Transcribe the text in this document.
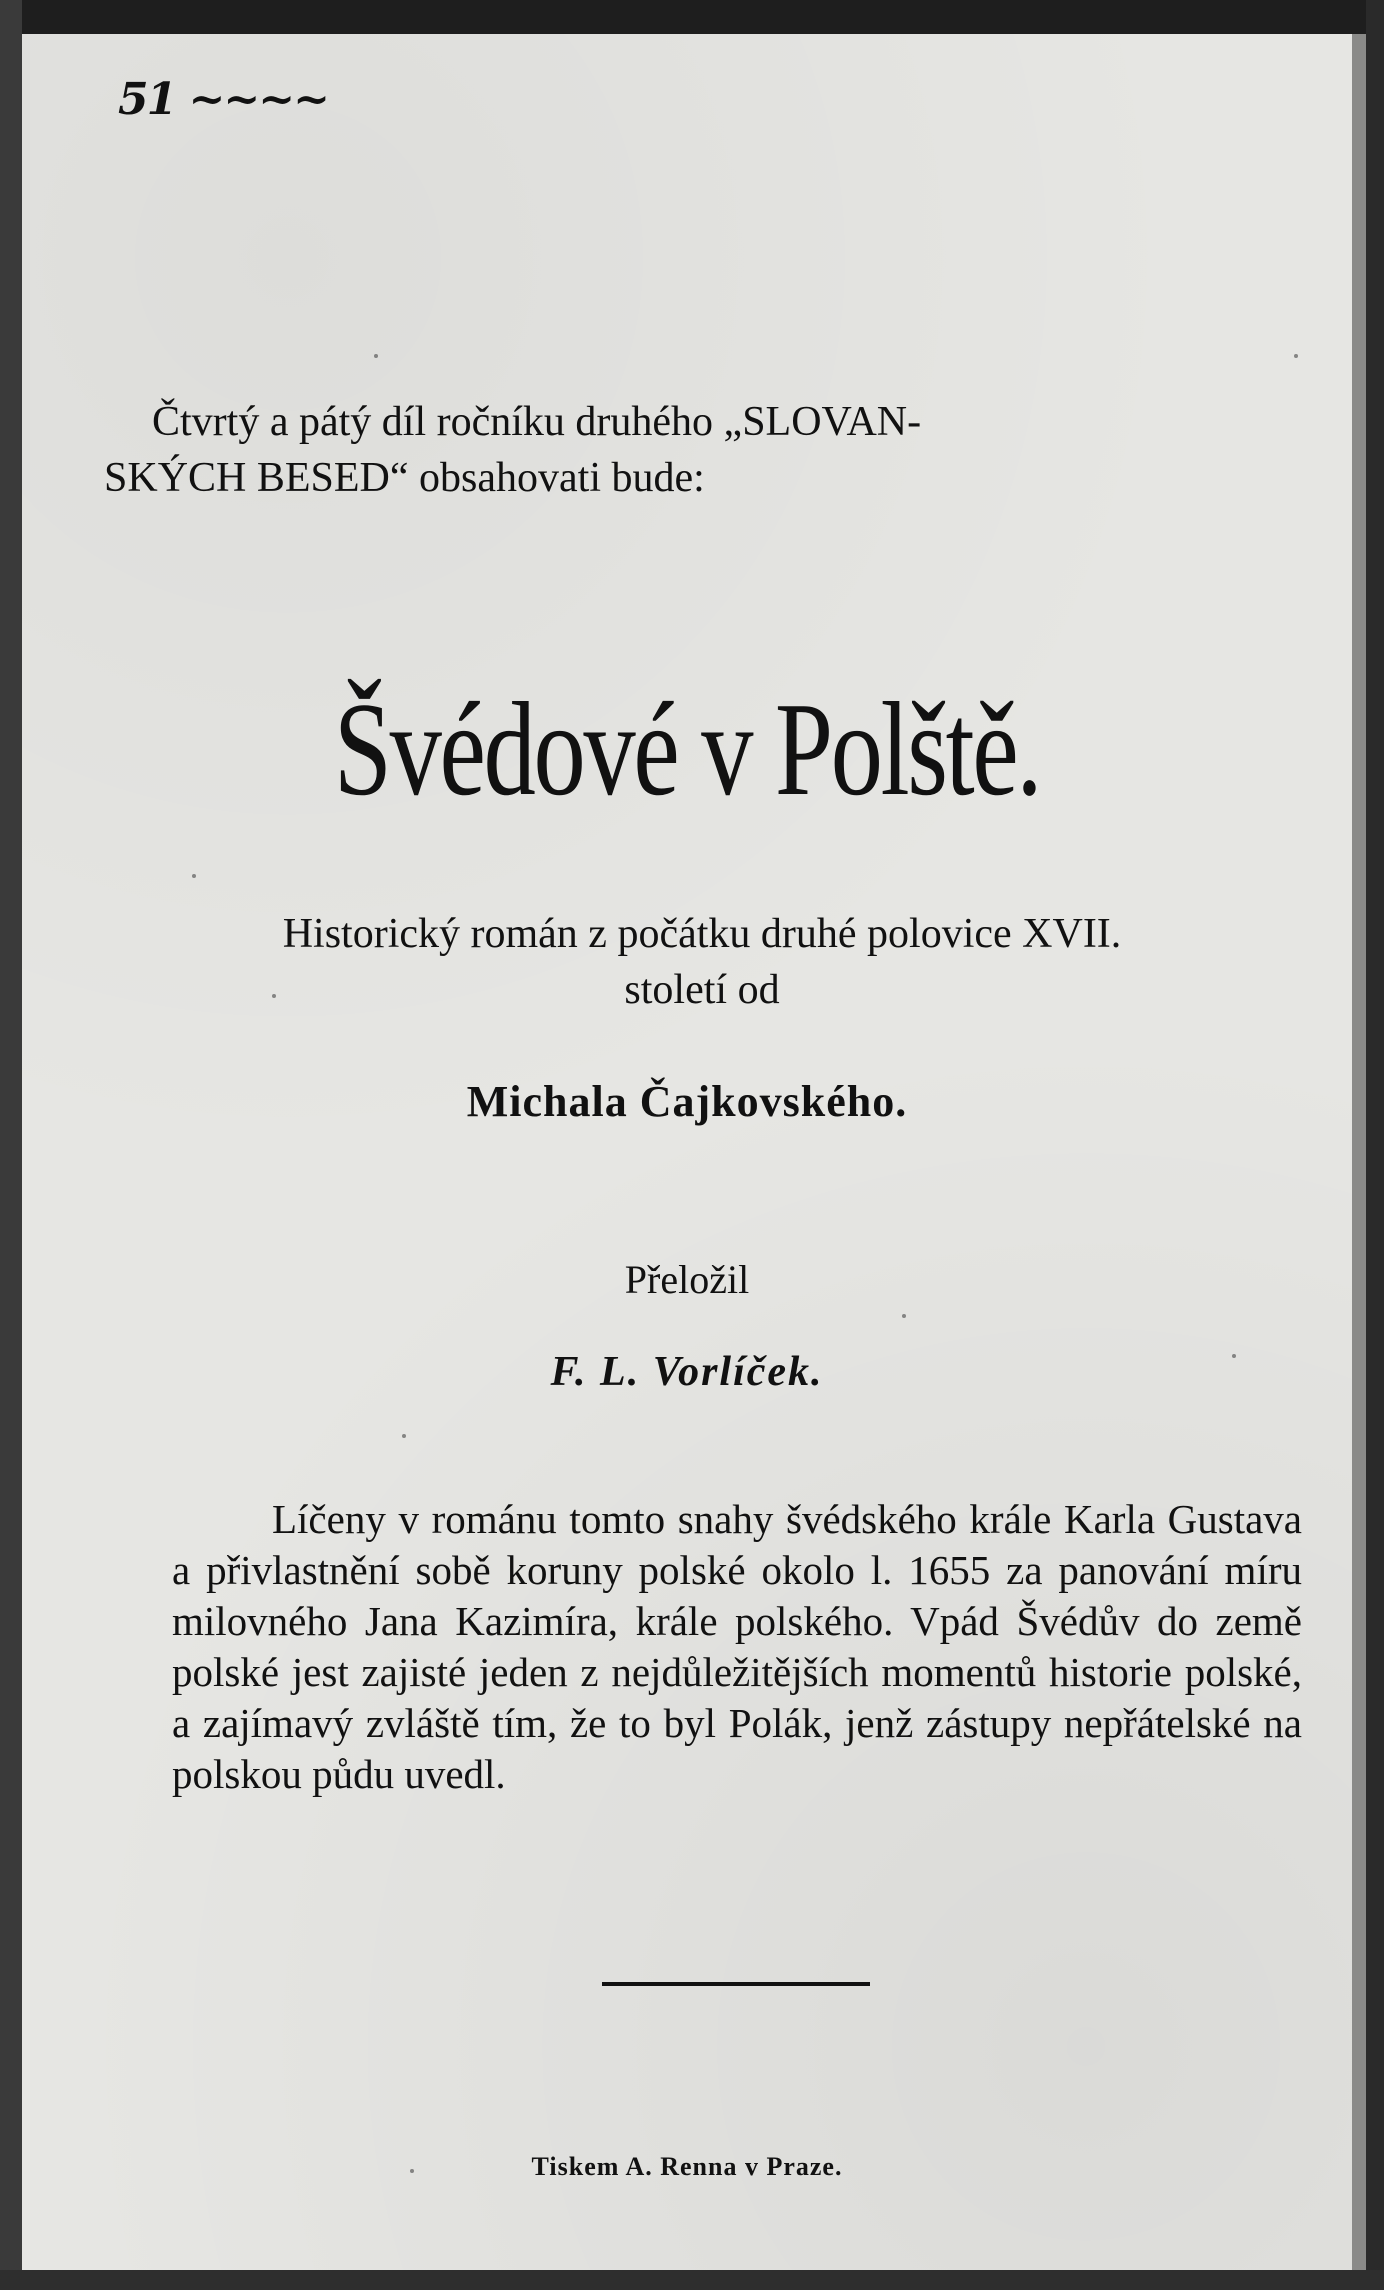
51 ~~~~
Čtvrtý a pátý díl ročníku druhého „SLOVAN-
SKÝCH BESED“ obsahovati bude:
Švédové v Polště.
Historický román z počátku druhé polovice XVII.
století od
Michala Čajkovského.
Přeložil
F. L. Vorlíček.
Líčeny v románu tomto snahy švédského krále Karla Gustava a přivlastnění sobě koruny polské okolo l. 1655 za panování míru milovného Jana Kazimíra, krále polského. Vpád Švédův do země polské jest zajisté jeden z nejdůležitějších momentů historie polské, a zajímavý zvláště tím, že to byl Polák, jenž zástupy nepřátelské na polskou půdu uvedl.
Tiskem A. Renna v Praze.
